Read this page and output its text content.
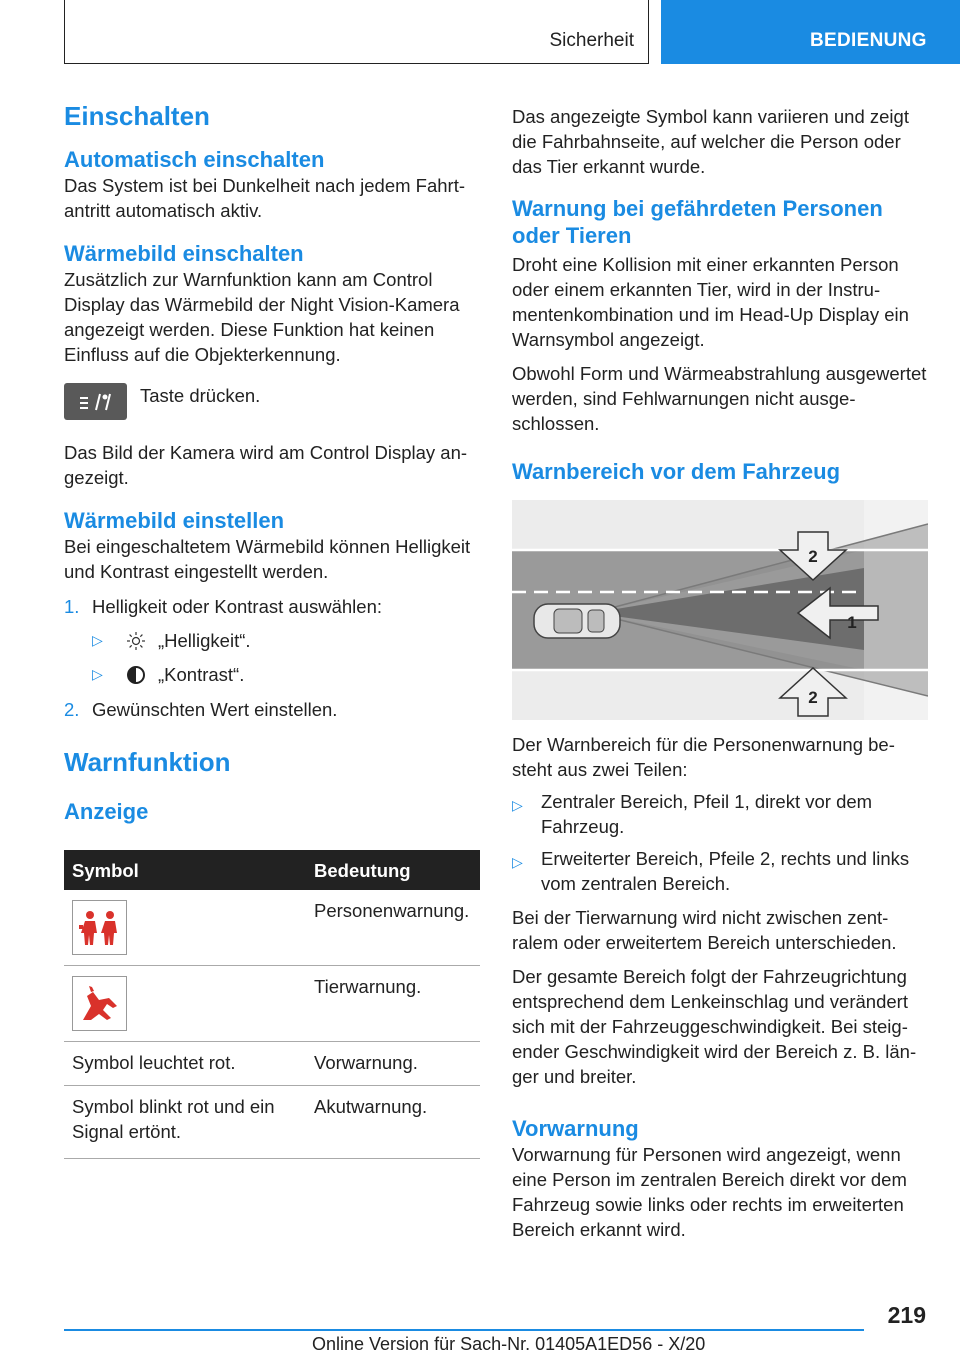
Sicherheit	BEDIENUNG
Einschalten
Automatisch einschalten

Das System ist bei Dunkelheit nach jedem Fahrtantritt automatisch aktiv.

Wärmebild einschalten

Zusätzlich zur Warnfunktion kann am Control Display das Wärmebild der Night Vision-Kamera angezeigt werden. Diese Funktion hat keinen Einfluss auf die Objekterkennung.

Taste drücken.

Das Bild der Kamera wird am Control Display angezeigt.

Wärmebild einstellen

Bei eingeschaltetem Wärmebild können Helligkeit und Kontrast eingestellt werden.

1. Helligkeit oder Kontrast auswählen:
▷	„Helligkeit“.
▷	„Kontrast“.
2. Gewünschten Wert einstellen.
Warnfunktion
Anzeige
Symbol	Bedeutung

	Personenwarnung.

	Tierwarnung.
Symbol leuchtet rot.	Vorwarnung.
Symbol blinkt rot und ein Signal ertönt.	Akutwarnung.

Das angezeigte Symbol kann variieren und zeigt die Fahrbahnseite, auf welcher die Person oder das Tier erkannt wurde.

Warnung bei gefährdeten Personen oder Tieren

Droht eine Kollision mit einer erkannten Person oder einem erkannten Tier, wird in der Instrumentenkombination und im Head-Up Display ein Warnsymbol angezeigt.

Obwohl Form und Wärmeabstrahlung ausgewertet werden, sind Fehlwarnungen nicht ausgeschlossen.

Warnbereich vor dem Fahrzeug
2
1
2

Der Warnbereich für die Personenwarnung besteht aus zwei Teilen:

▷ Zentraler Bereich, Pfeil 1, direkt vor dem Fahrzeug.
▷ Erweiterter Bereich, Pfeile 2, rechts und links vom zentralen Bereich.

Bei der Tierwarnung wird nicht zwischen zentralem oder erweitertem Bereich unterschieden.

Der gesamte Bereich folgt der Fahrzeugrichtung entsprechend dem Lenkeinschlag und verändert sich mit der Fahrzeuggeschwindigkeit. Bei steigender Geschwindigkeit wird der Bereich z. B. länger und breiter.

Vorwarnung

Vorwarnung für Personen wird angezeigt, wenn eine Person im zentralen Bereich direkt vor dem Fahrzeug sowie links oder rechts im erweiterten Bereich erkannt wird.

219
Online Version für Sach-Nr. 01405A1ED56 - X/20
